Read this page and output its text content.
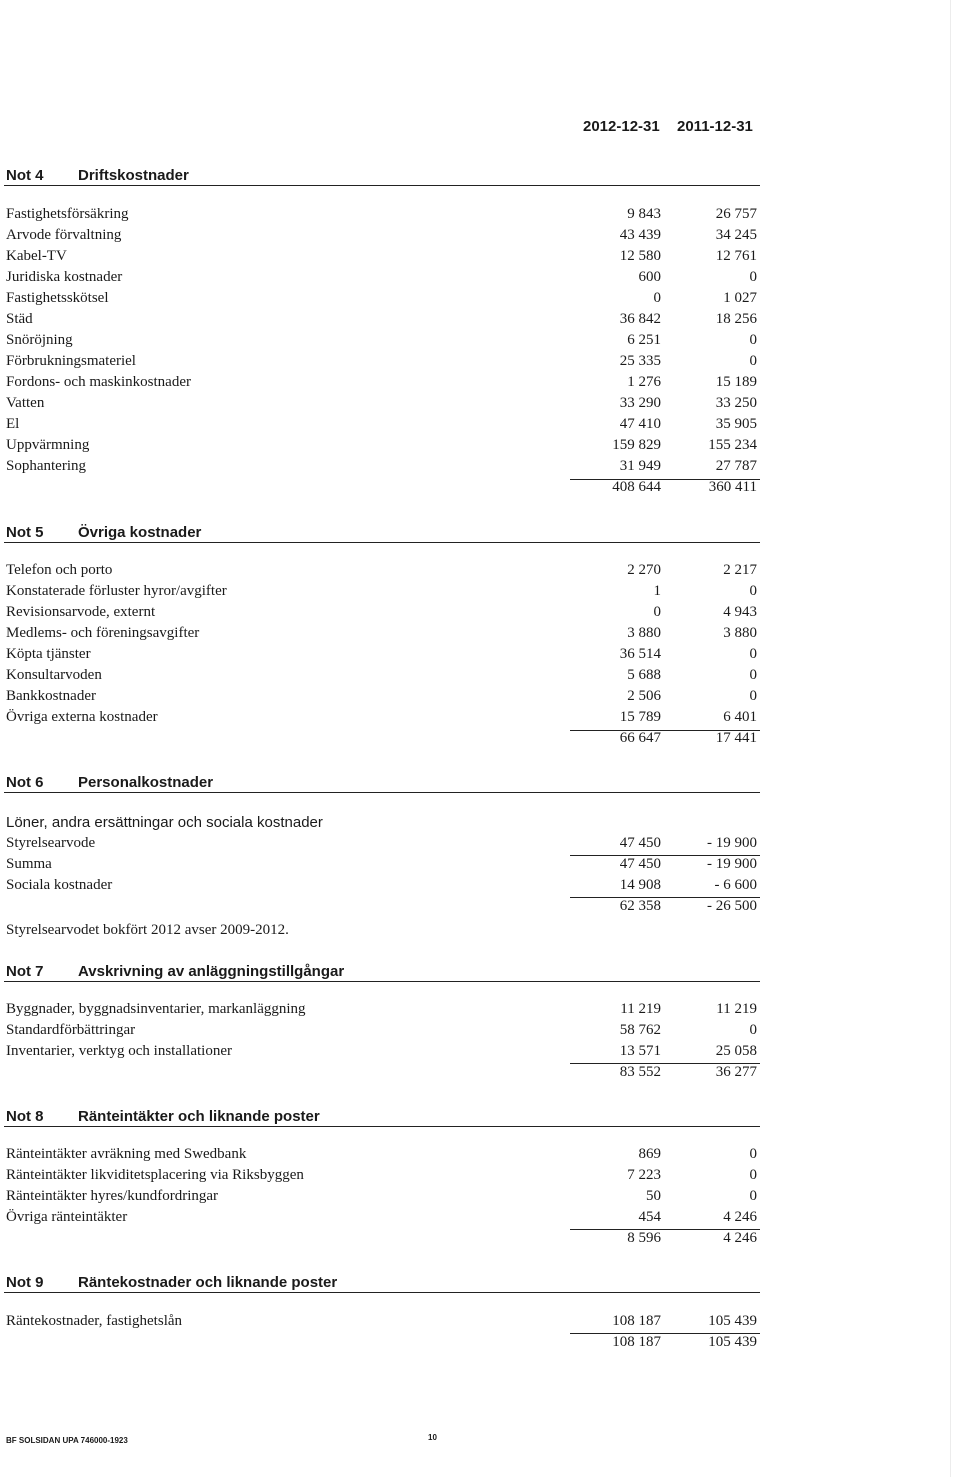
2012-12-31 2011-12-31
Not 4 Driftskostnader
Fastighetsförsäkring	9 843	26 757
Arvode förvaltning	43 439	34 245
Kabel-TV	12 580	12 761
Juridiska kostnader	600	0
Fastighetsskötsel	0	1 027
Städ	36 842	18 256
Snöröjning	6 251	0
Förbrukningsmateriel	25 335	0
Fordons- och maskinkostnader	1 276	15 189
Vatten	33 290	33 250
El	47 410	35 905
Uppvärmning	159 829	155 234
Sophantering	31 949	27 787
408 644	360 411
Not 5 Övriga kostnader
Telefon och porto	2 270	2 217
Konstaterade förluster hyror/avgifter	1	0
Revisionsarvode, externt	0	4 943
Medlems- och föreningsavgifter	3 880	3 880
Köpta tjänster	36 514	0
Konsultarvoden	5 688	0
Bankkostnader	2 506	0
Övriga externa kostnader	15 789	6 401
66 647	17 441
Not 6 Personalkostnader
Löner, andra ersättningar och sociala kostnader
Styrelsearvode	47 450	- 19 900
Summa	47 450	- 19 900
Sociala kostnader	14 908	- 6 600
62 358	- 26 500
Styrelsearvodet bokfört 2012 avser 2009-2012.
Not 7 Avskrivning av anläggningstillgångar
Byggnader, byggnadsinventarier, markanläggning	11 219	11 219
Standardförbättringar	58 762	0
Inventarier, verktyg och installationer	13 571	25 058
83 552	36 277
Not 8 Ränteintäkter och liknande poster
Ränteintäkter avräkning med Swedbank	869	0
Ränteintäkter likviditetsplacering via Riksbyggen	7 223	0
Ränteintäkter hyres/kundfordringar	50	0
Övriga ränteintäkter	454	4 246
8 596	4 246
Not 9 Räntekostnader och liknande poster
Räntekostnader, fastighetslån	108 187	105 439
108 187	105 439
BF SOLSIDAN UPA 746000-1923	10
